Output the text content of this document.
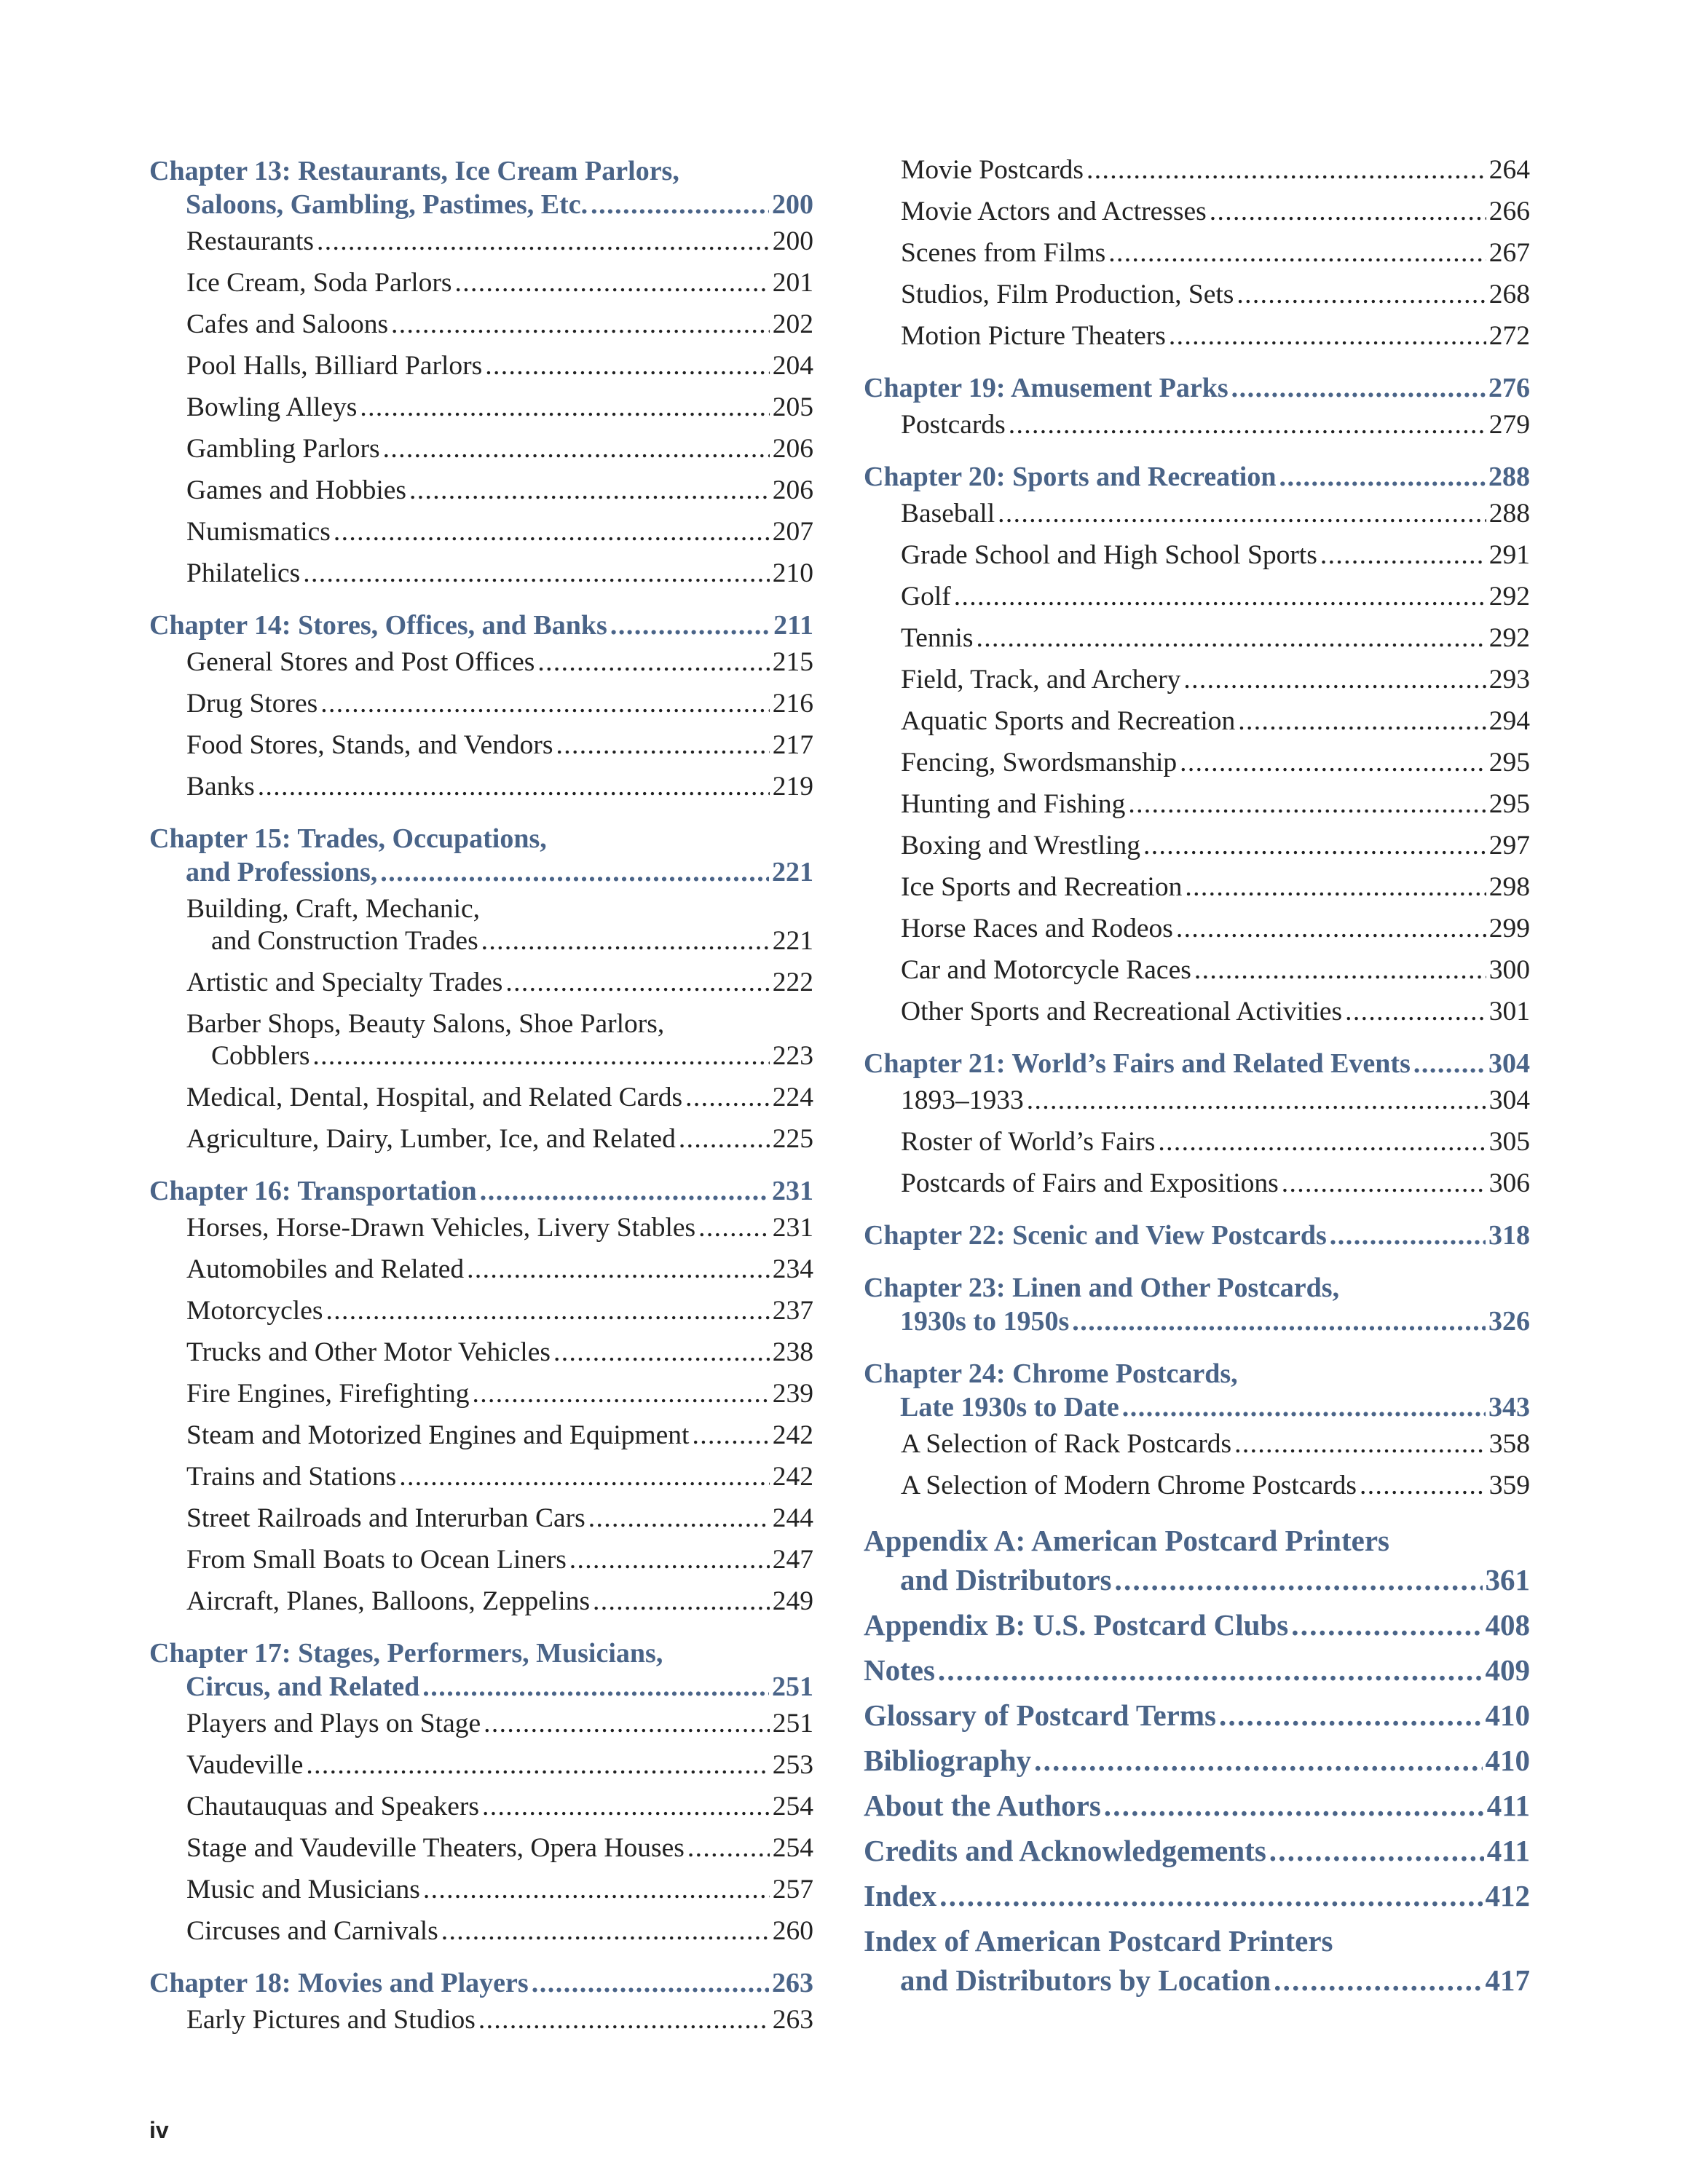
Chapter 13: Restaurants, Ice Cream Parlors,
Saloons, Gambling, Pastimes, Etc. . . .	200
Restaurants . . .	200
Ice Cream, Soda Parlors . . .	201
Cafes and Saloons . . .	202
Pool Halls, Billiard Parlors . . .	204
Bowling Alleys . . .	205
Gambling Parlors . . .	206
Games and Hobbies . . .	206
Numismatics . . .	207
Philatelics . . .	210
Chapter 14: Stores, Offices, and Banks . . .	211
General Stores and Post Offices . . .	215
Drug Stores . . .	216
Food Stores, Stands, and Vendors . . .	217
Banks . . .	219
Chapter 15: Trades, Occupations,
and Professions, . . .	221
Building, Craft, Mechanic,
and Construction Trades . . .	221
Artistic and Specialty Trades . . .	222
Barber Shops, Beauty Salons, Shoe Parlors,
Cobblers . . .	223
Medical, Dental, Hospital, and Related Cards . . .	224
Agriculture, Dairy, Lumber, Ice, and Related . . .	225
Chapter 16: Transportation . . .	231
Horses, Horse-Drawn Vehicles, Livery Stables . . .	231
Automobiles and Related . . .	234
Motorcycles . . .	237
Trucks and Other Motor Vehicles . . .	238
Fire Engines, Firefighting . . .	239
Steam and Motorized Engines and Equipment . . .	242
Trains and Stations . . .	242
Street Railroads and Interurban Cars . . .	244
From Small Boats to Ocean Liners . . .	247
Aircraft, Planes, Balloons, Zeppelins . . .	249
Chapter 17: Stages, Performers, Musicians,
Circus, and Related . . .	251
Players and Plays on Stage . . .	251
Vaudeville . . .	253
Chautauquas and Speakers . . .	254
Stage and Vaudeville Theaters, Opera Houses . . .	254
Music and Musicians . . .	257
Circuses and Carnivals . . .	260
Chapter 18: Movies and Players . . .	263
Early Pictures and Studios . . .	263
Movie Postcards . . .	264
Movie Actors and Actresses . . .	266
Scenes from Films . . .	267
Studios, Film Production, Sets . . .	268
Motion Picture Theaters . . .	272
Chapter 19: Amusement Parks . . .	276
Postcards . . .	279
Chapter 20: Sports and Recreation . . .	288
Baseball . . .	288
Grade School and High School Sports . . .	291
Golf . . .	292
Tennis . . .	292
Field, Track, and Archery . . .	293
Aquatic Sports and Recreation . . .	294
Fencing, Swordsmanship . . .	295
Hunting and Fishing . . .	295
Boxing and Wrestling . . .	297
Ice Sports and Recreation . . .	298
Horse Races and Rodeos . . .	299
Car and Motorcycle Races . . .	300
Other Sports and Recreational Activities . . .	301
Chapter 21: World’s Fairs and Related Events . . .	304
1893–1933 . . .	304
Roster of World’s Fairs . . .	305
Postcards of Fairs and Expositions . . .	306
Chapter 22: Scenic and View Postcards . . .	318
Chapter 23: Linen and Other Postcards,
1930s to 1950s . . .	326
Chapter 24: Chrome Postcards,
Late 1930s to Date . . .	343
A Selection of Rack Postcards . . .	358
A Selection of Modern Chrome Postcards . . .	359
Appendix A: American Postcard Printers
and Distributors . . .	361
Appendix B: U.S. Postcard Clubs . . .	408
Notes . . .	409
Glossary of Postcard Terms . . .	410
Bibliography . . .	410
About the Authors . . .	411
Credits and Acknowledgements . . .	411
Index . . .	412
Index of American Postcard Printers
and Distributors by Location . . .	417
iv
